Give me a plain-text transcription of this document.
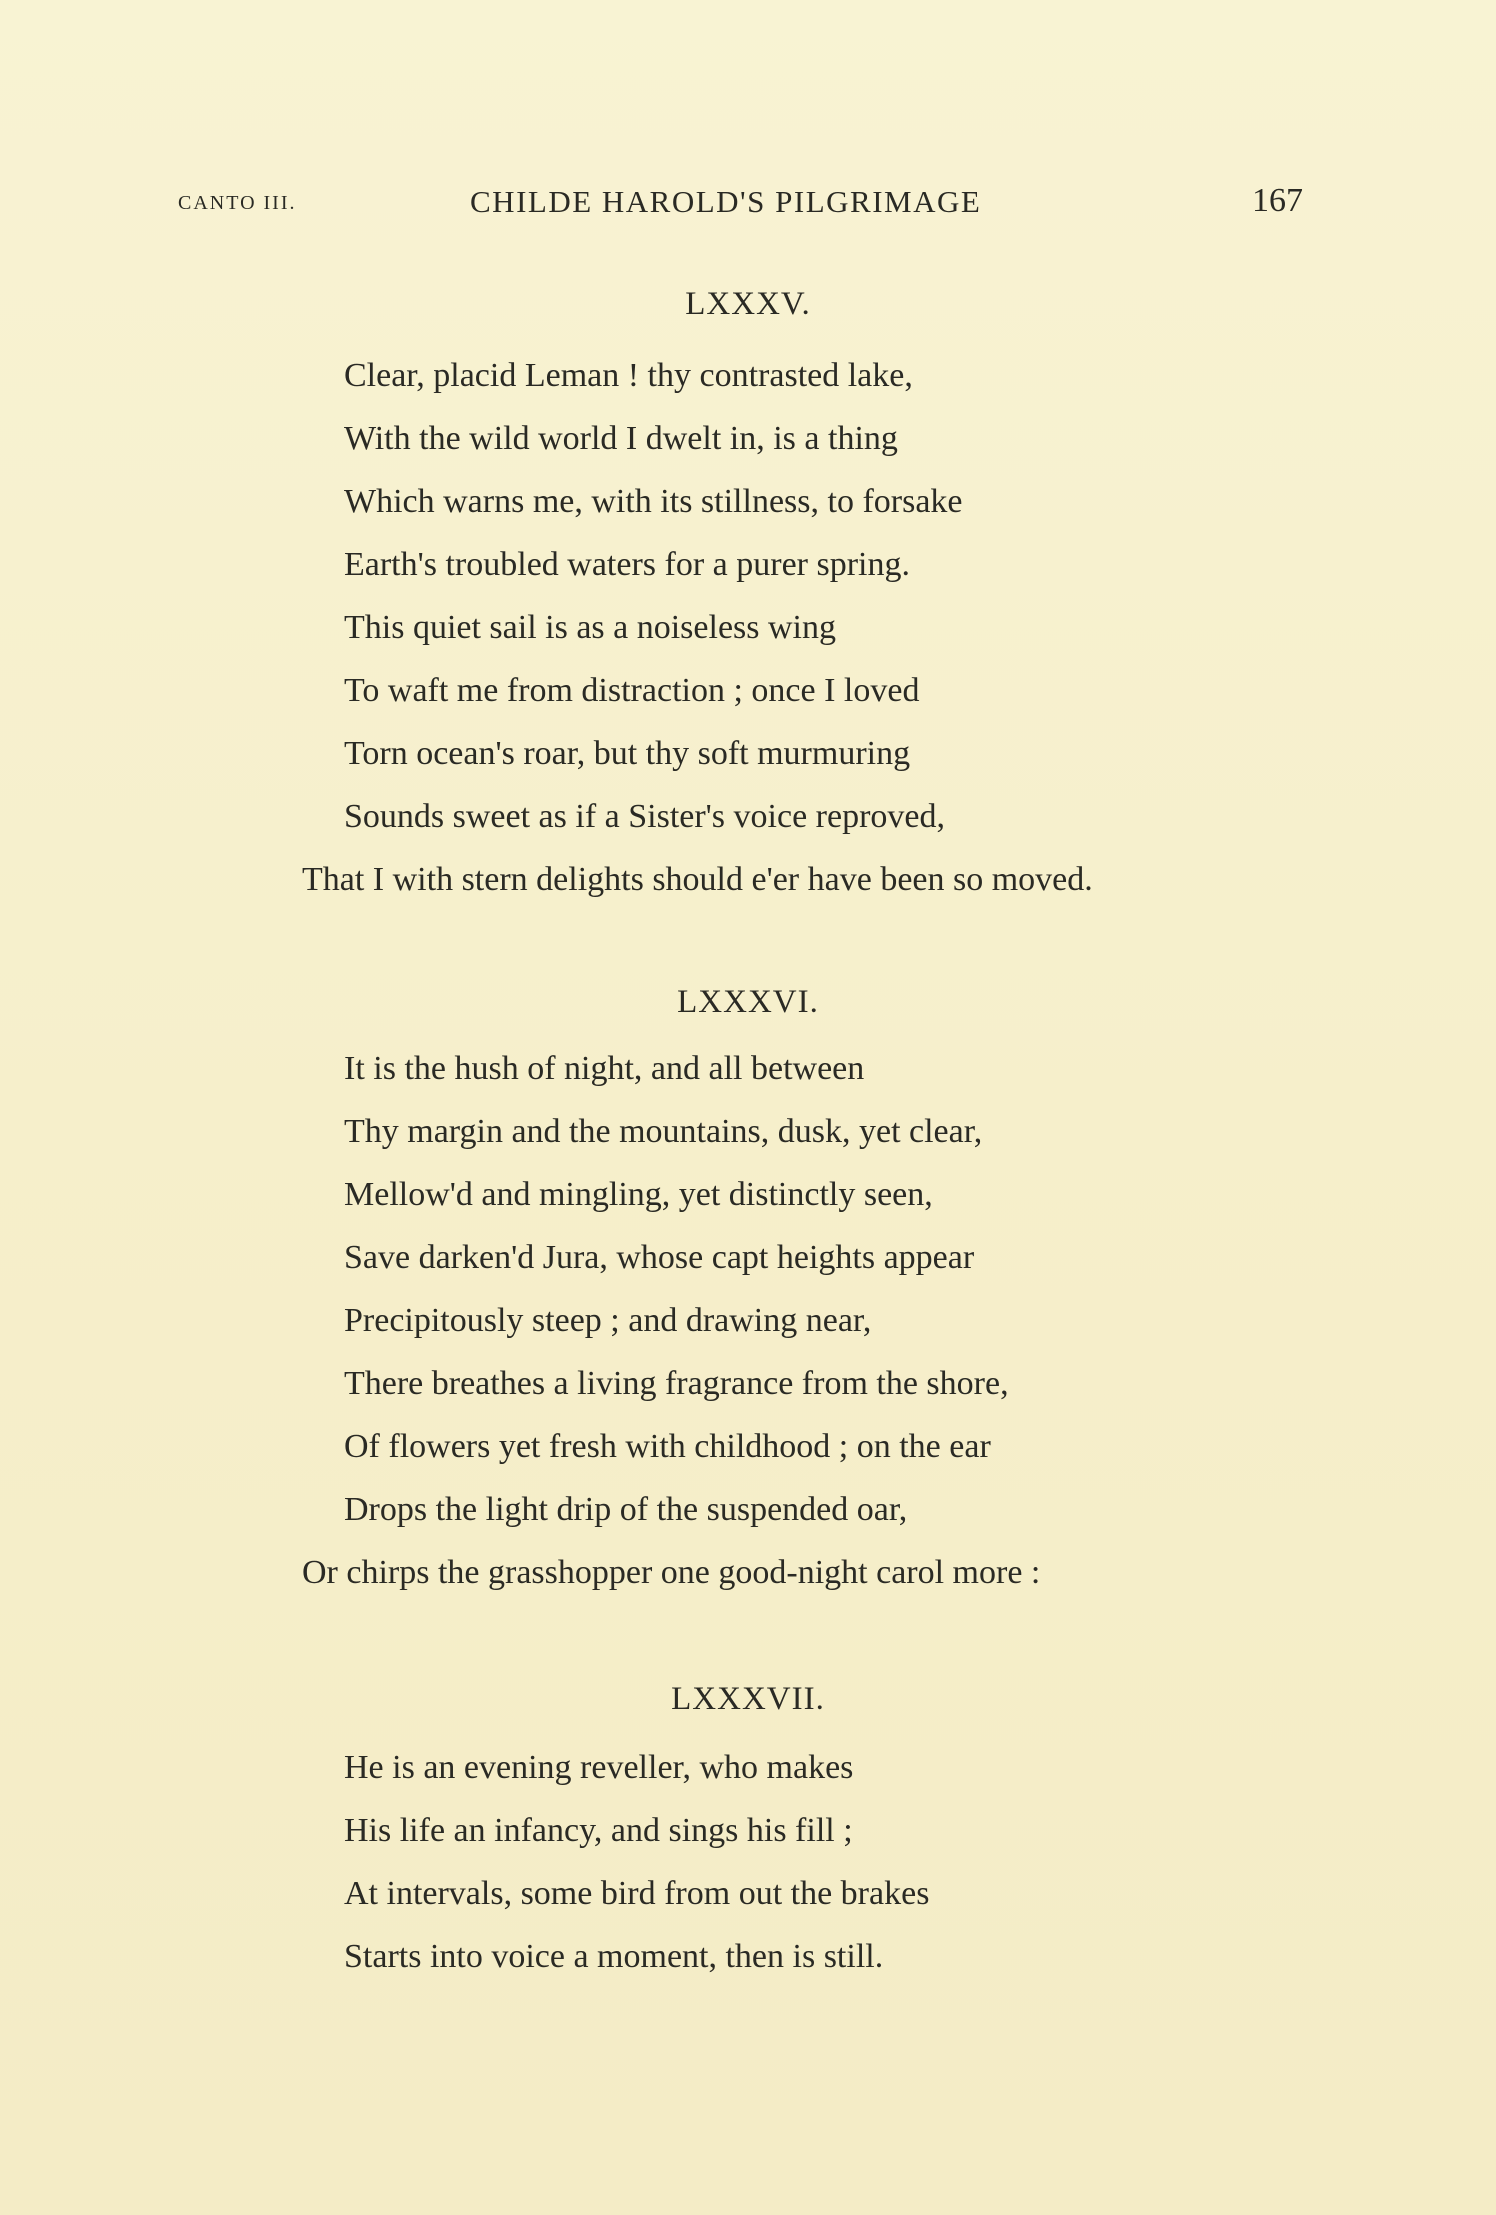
CANTO III.	CHILDE HAROLD'S PILGRIMAGE	167
LXXXV.
Clear, placid Leman ! thy contrasted lake,
With the wild world I dwelt in, is a thing
Which warns me, with its stillness, to forsake
Earth's troubled waters for a purer spring.
This quiet sail is as a noiseless wing
To waft me from distraction ; once I loved
Torn ocean's roar, but thy soft murmuring
Sounds sweet as if a Sister's voice reproved,
That I with stern delights should e'er have been so moved.
LXXXVI.
It is the hush of night, and all between
Thy margin and the mountains, dusk, yet clear,
Mellow'd and mingling, yet distinctly seen,
Save darken'd Jura, whose capt heights appear
Precipitously steep ; and drawing near,
There breathes a living fragrance from the shore,
Of flowers yet fresh with childhood ; on the ear
Drops the light drip of the suspended oar,
Or chirps the grasshopper one good-night carol more :
LXXXVII.
He is an evening reveller, who makes
His life an infancy, and sings his fill ;
At intervals, some bird from out the brakes
Starts into voice a moment, then is still.
